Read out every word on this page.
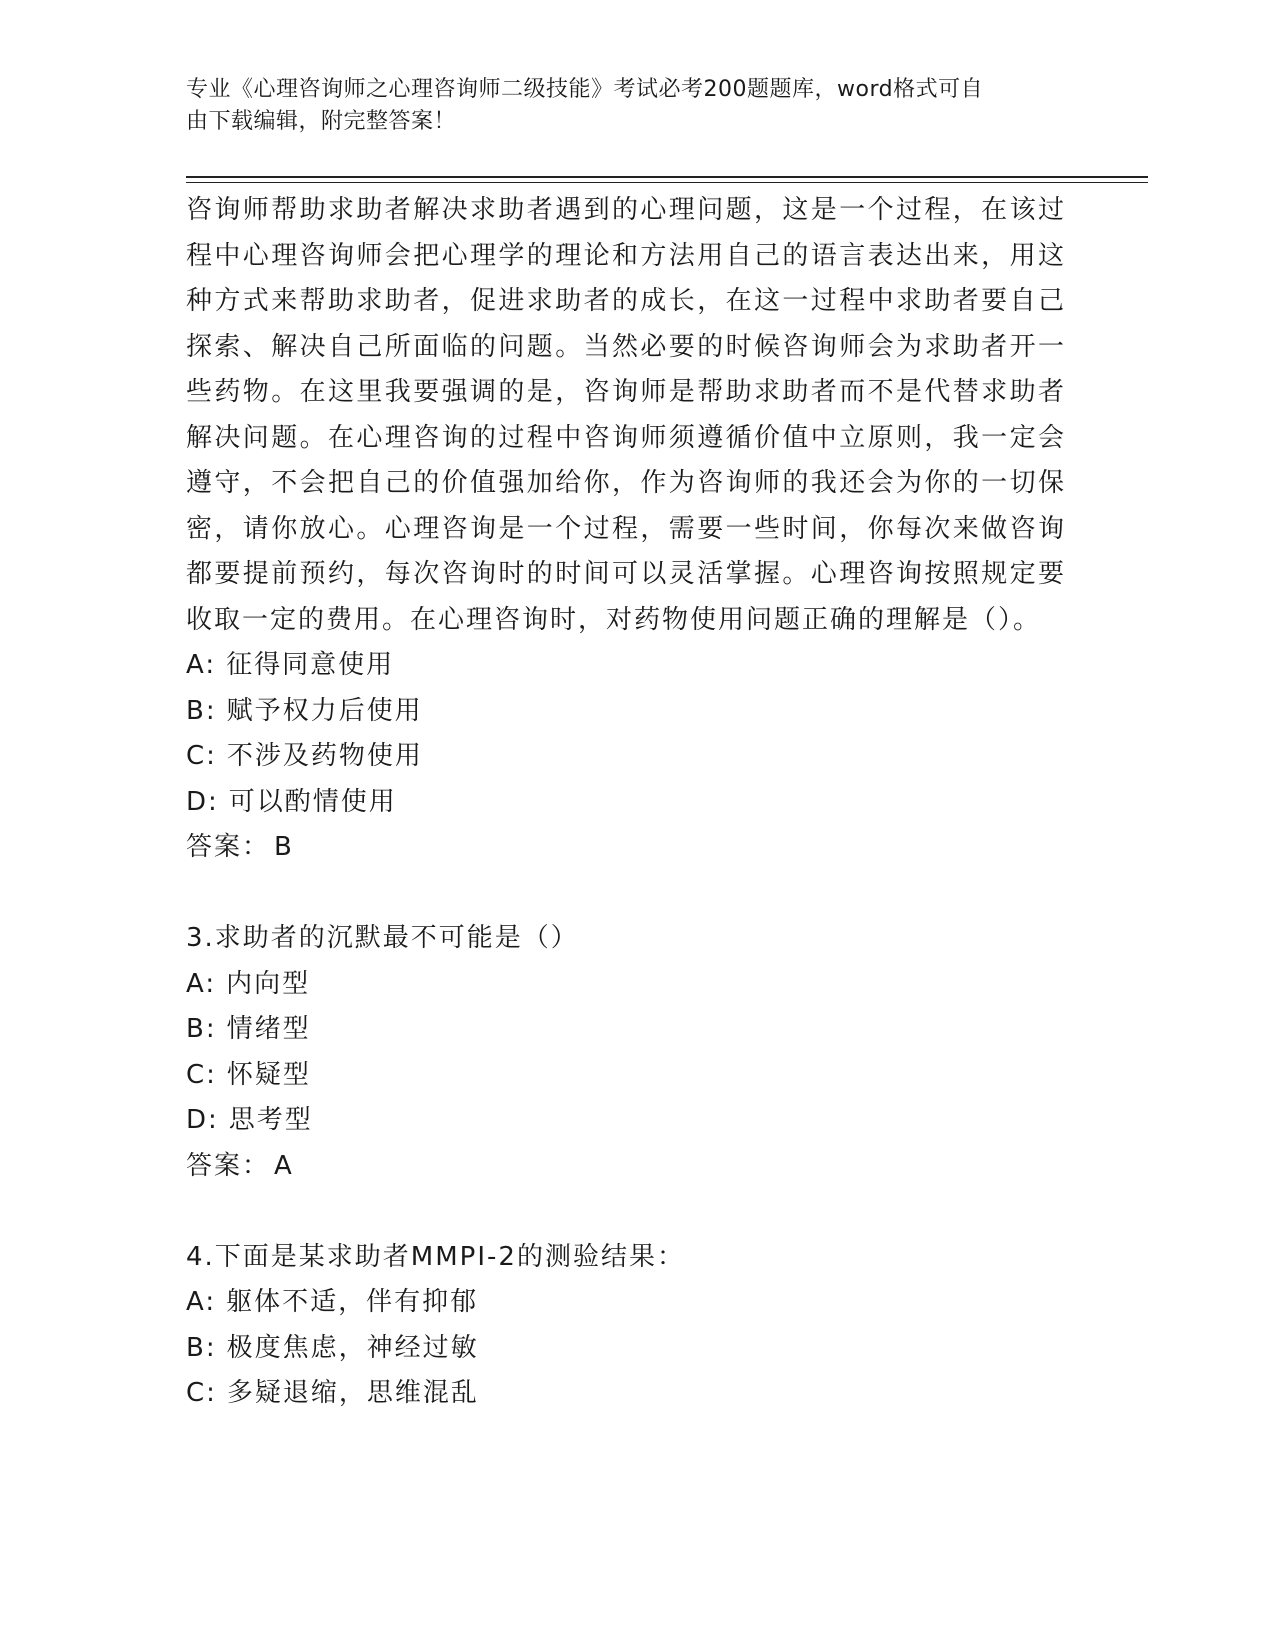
专业《心理咨询师之心理咨询师二级技能》考试必考200题题库，word格式可自
由下载编辑，附完整答案！

咨询师帮助求助者解决求助者遇到的心理问题，这是一个过程，在该过程中心理咨询师会把心理学的理论和方法用自己的语言表达出来，用这种方式来帮助求助者，促进求助者的成长，在这一过程中求助者要自己探索、解决自己所面临的问题。当然必要的时候咨询师会为求助者开一些药物。在这里我要强调的是，咨询师是帮助求助者而不是代替求助者解决问题。在心理咨询的过程中咨询师须遵循价值中立原则，我一定会遵守，不会把自己的价值强加给你，作为咨询师的我还会为你的一切保密，请你放心。心理咨询是一个过程，需要一些时间，你每次来做咨询都要提前预约，每次咨询时的时间可以灵活掌握。心理咨询按照规定要收取一定的费用。在心理咨询时，对药物使用问题正确的理解是（）。

A: 征得同意使用

B: 赋予权力后使用

C: 不涉及药物使用

D: 可以酌情使用

答案： B

3.求助者的沉默最不可能是（）

A: 内向型

B: 情绪型

C: 怀疑型

D: 思考型

答案： A

4.下面是某求助者MMPI-2的测验结果：

A: 躯体不适，伴有抑郁

B: 极度焦虑，神经过敏

C: 多疑退缩，思维混乱
